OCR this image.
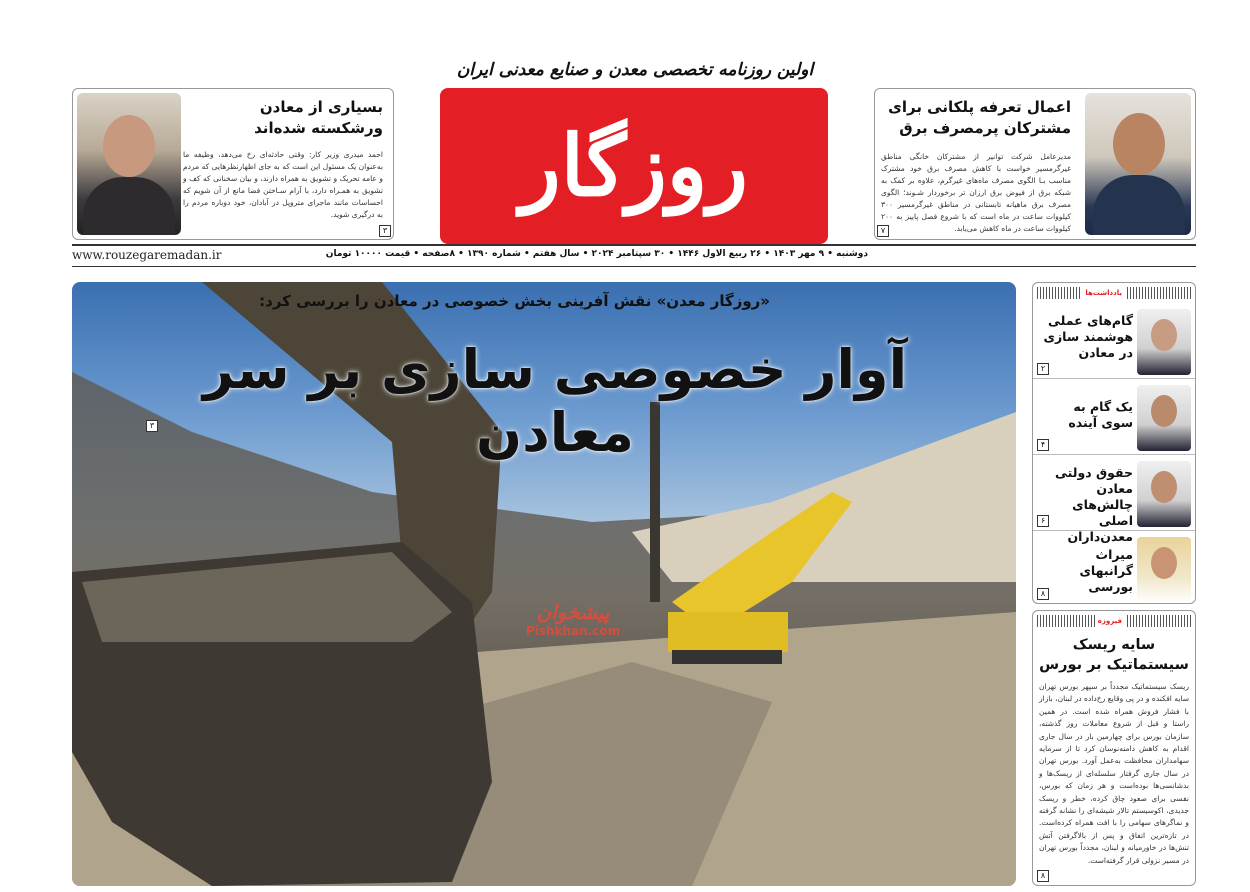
اولین روزنامه تخصصی معدن و صنایع معدنی ایران
روزگار
بسیاری از معادن ورشکسته شده‌اند
احمد میدری وزیر کار: وقتی حادثه‌ای رخ می‌دهد، وظیفه ما به‌عنوان یک مسئول این است که به جای اظهارنظرهایی که مردم و عامه تحریک و تشویق به همراه دارند، و بیان سخنانی که کف و تشویق به همـراه دارد، با آرام سـاختن فضا مانع از آن شویم که احساسات مانند ماجرای متروپل در آبادان، خود دوباره مردم را به درگیری شوید.
۳
اعمال تعرفه پلکانی برای مشترکان پرمصرف برق
مدیرعامل شرکت توانیر از مشترکان خانگی مناطق غیرگرمسیر خواست با کاهش مصرف برق خود مشترک مناسب بـا الگوی مصرف ماه‌های غیرگرم، علاوه بر کمک به شبکه برق از فیوض برق ارزان تر برخوردار شـوند؛ الگوی مصرف برق ماهیانه تابستانی در مناطق غیرگرمسیر ۳۰۰ کیلووات ساعت در ماه است که با شروع فصل پاییز به ۲۰۰ کیلووات ساعت در ماه کاهش می‌یابد.
۷
دوشنبه • ۹ مهر ۱۴۰۳ • ۲۶ ربیع الاول ۱۴۴۶ • ۳۰ سپتامبر ۲۰۲۴ • سال هفتم • شماره ۱۳۹۰ • ۸صفحه • قیمت ۱۰۰۰۰ تومان
www.rouzegaremadan.ir
«روزگار معدن» نقش آفرینی بخش خصوصی در معادن را بررسی کرد:
آوار خصوصی سازی بر سر معادن
۳
پیشخوان
Pishkhan.com
یادداشت‌ها
گام‌های عملی هوشمند سازی در معادن
۲
یک گام به سوی آینده
۴
حقوق دولتی معادن چالش‌های اصلی معدن‌داران
۶
میراث گرانبهای بورسی
۸
فیروزه
سایه ریسک سیستماتیک بر بورس
ریسک سیستماتیک مجدداً بر سپهر بورس تهران سایه افکنده و در پی وقایع رخ‌داده در لبنان، بازار با فشار فروش همراه شده است. در همین راستا و قبل از شروع معاملات روز گذشته، سازمان بورس برای چهارمین بار در سال جاری اقدام به کاهش دامنه‌نوسان کرد تا از سرمایه سهامداران محافظت به‌عمل آورد. بورس تهران در سال جاری گرفتار سلسله‌ای از ریسک‌ها و بدشانسی‌ها بوده‌است و هر زمان که بورس، نفسی برای صعود چاق کرده، خطر و ریسک جدیدی، اکوسیستم تالار شیشه‌ای را نشانه گرفته و نماگرهای سهامی را با افت همراه کرده‌است. در تازه‌ترین اتفاق و پس از بالاگرفتن آتش تنش‌ها در خاورمیانه و لبنان، مجدداً بورس تهران در مسیر نزولی قرار گرفته‌است.
۸
